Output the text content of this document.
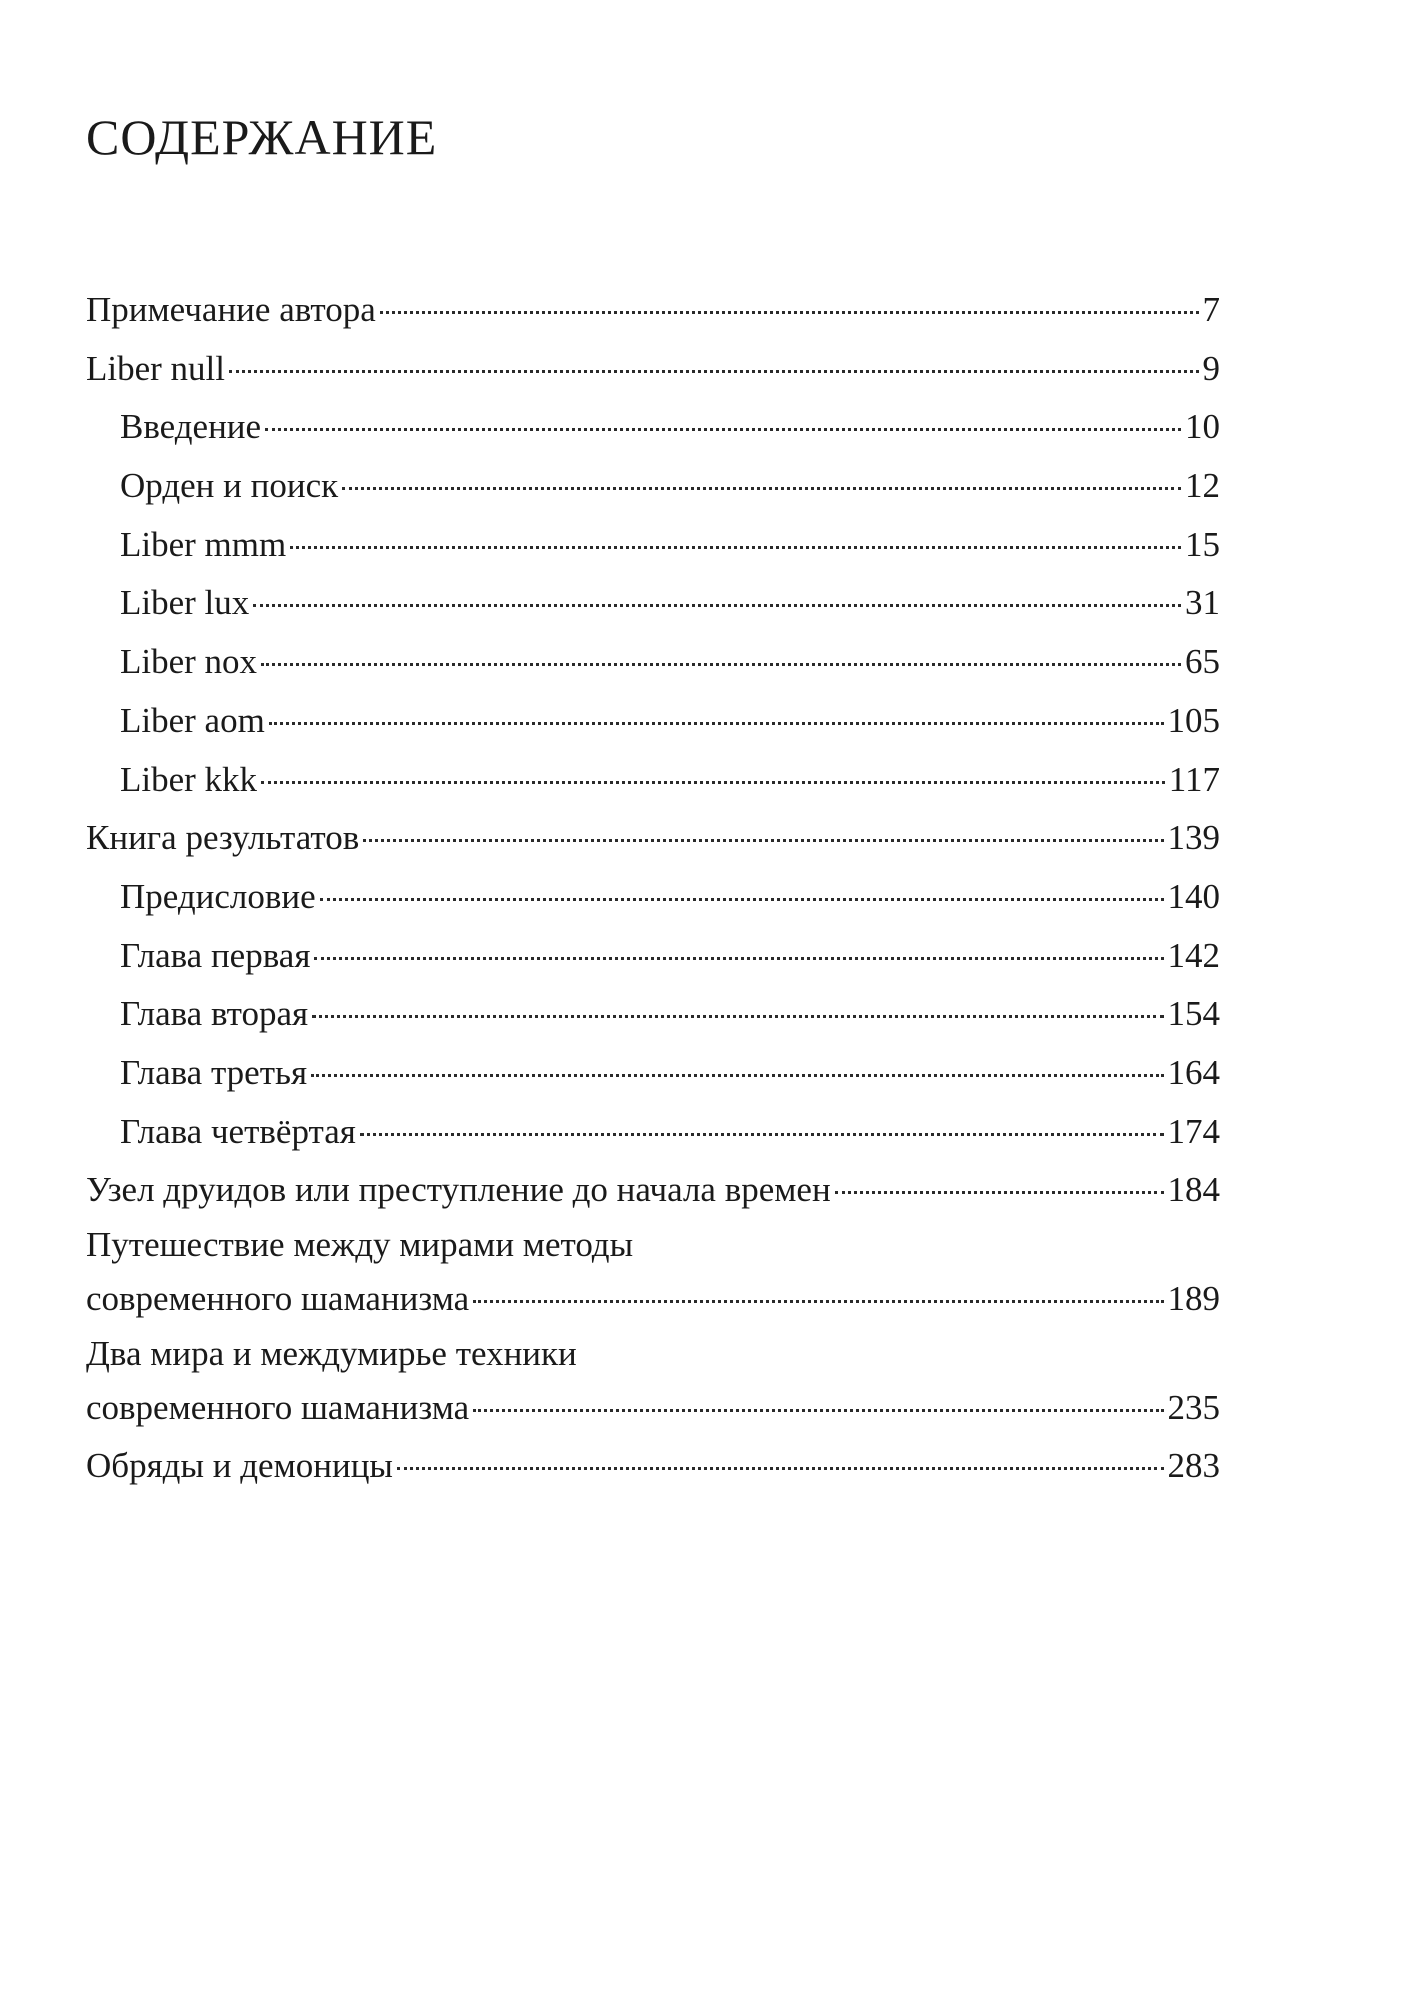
СОДЕРЖАНИЕ
Примечание автора	7
Liber null	9
Введение	10
Орден и поиск	12
Liber mmm	15
Liber lux	31
Liber nox	65
Liber aom	105
Liber kkk	117
Книга результатов	139
Предисловие	140
Глава первая	142
Глава вторая	154
Глава третья	164
Глава четвёртая	174
Узел друидов или преступление до начала времен	184
Путешествие между мирами методы
современного шаманизма	189
Два мира и междумирье техники
современного шаманизма	235
Обряды и демоницы	283
